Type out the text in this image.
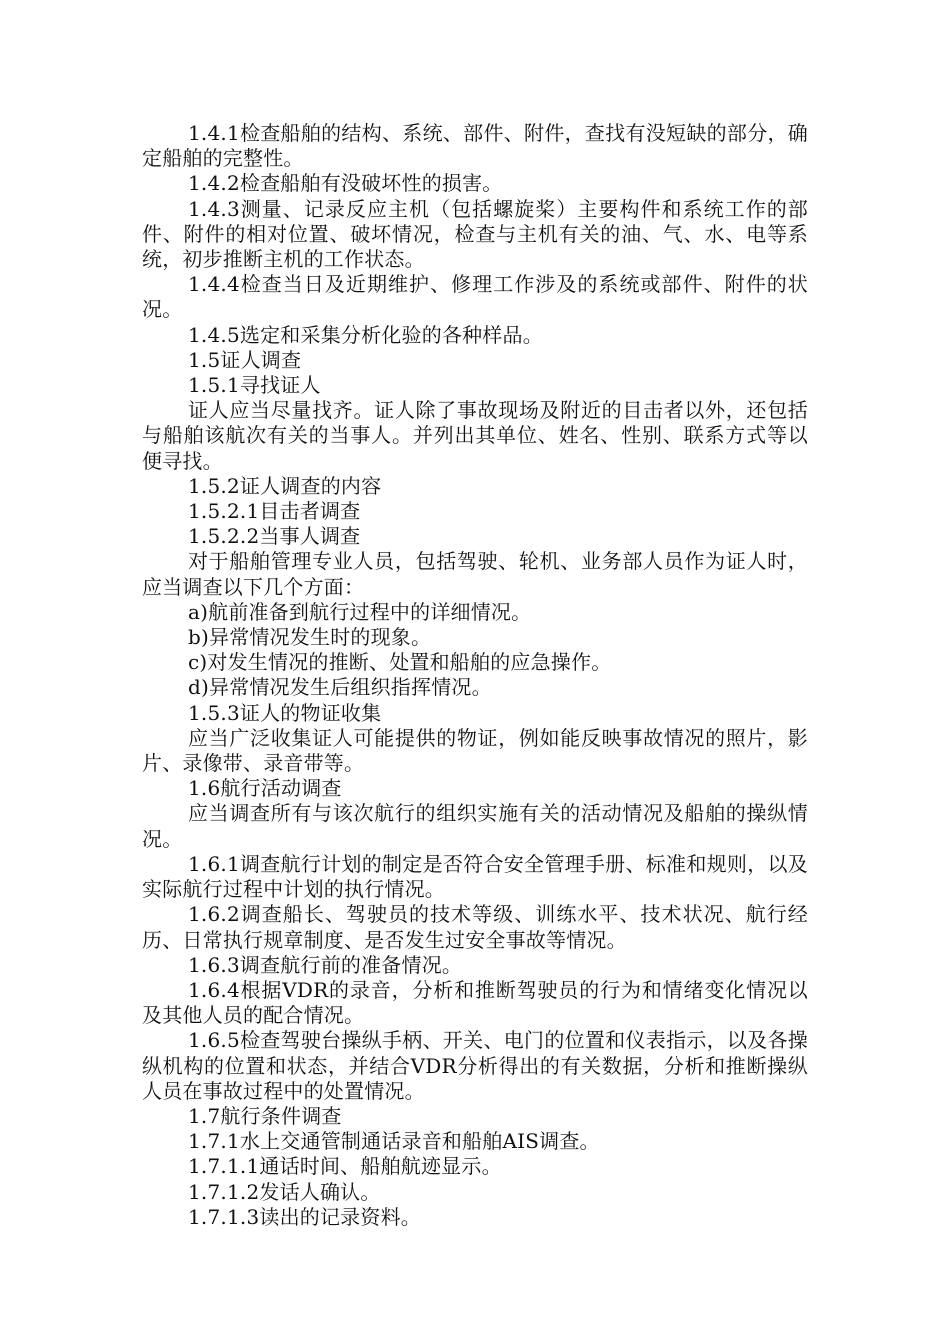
1.4.1检查船舶的结构、系统、部件、附件，查找有没短缺的部分，确定船舶的完整性。

1.4.2检查船舶有没破坏性的损害。

1.4.3测量、记录反应主机（包括螺旋桨）主要构件和系统工作的部件、附件的相对位置、破坏情况，检查与主机有关的油、气、水、电等系统，初步推断主机的工作状态。

1.4.4检查当日及近期维护、修理工作涉及的系统或部件、附件的状况。

1.4.5选定和采集分析化验的各种样品。

1.5证人调查

1.5.1寻找证人

证人应当尽量找齐。证人除了事故现场及附近的目击者以外，还包括与船舶该航次有关的当事人。并列出其单位、姓名、性别、联系方式等以便寻找。

1.5.2证人调查的内容

1.5.2.1目击者调查

1.5.2.2当事人调查

对于船舶管理专业人员，包括驾驶、轮机、业务部人员作为证人时，应当调查以下几个方面：

a)航前准备到航行过程中的详细情况。

b)异常情况发生时的现象。

c)对发生情况的推断、处置和船舶的应急操作。

d)异常情况发生后组织指挥情况。

1.5.3证人的物证收集

应当广泛收集证人可能提供的物证，例如能反映事故情况的照片，影片、录像带、录音带等。

1.6航行活动调查

应当调查所有与该次航行的组织实施有关的活动情况及船舶的操纵情况。

1.6.1调查航行计划的制定是否符合安全管理手册、标准和规则，以及实际航行过程中计划的执行情况。

1.6.2调查船长、驾驶员的技术等级、训练水平、技术状况、航行经历、日常执行规章制度、是否发生过安全事故等情况。

1.6.3调查航行前的准备情况。

1.6.4根据VDR的录音，分析和推断驾驶员的行为和情绪变化情况以及其他人员的配合情况。

1.6.5检查驾驶台操纵手柄、开关、电门的位置和仪表指示，以及各操纵机构的位置和状态，并结合VDR分析得出的有关数据，分析和推断操纵人员在事故过程中的处置情况。

1.7航行条件调查

1.7.1水上交通管制通话录音和船舶AIS调查。

1.7.1.1通话时间、船舶航迹显示。

1.7.1.2发话人确认。

1.7.1.3读出的记录资料。
